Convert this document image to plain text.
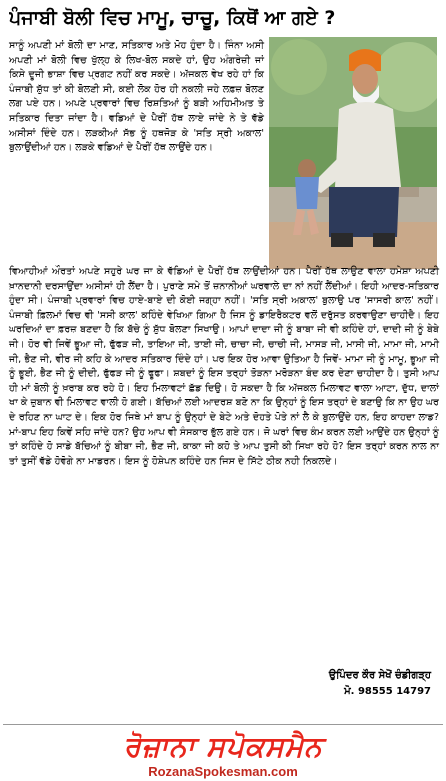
ਪੰਜਾਬੀ ਬੋਲੀ ਵਿਚ ਮਾਮੂ, ਚਾਚੂ, ਕਿਥੋਂ ਆ ਗਏ ?

ਸਾਨੂੰ ਅਪਣੀ ਮਾਂ ਬੋਲੀ ਦਾ ਮਾਣ, ਸਤਿਕਾਰ ਅਤੇ ਮੋਹ ਹੁੰਦਾ ਹੈ। ਜਿੰਨਾ ਅਸੀ ਅਪਣੀ ਮਾਂ ਬੋਲੀ ਵਿਚ ਖੁੱਲ੍ਹ ਕੇ ਲਿਖ-ਬੋਲ ਸਕਦੇ ਹਾਂ, ਉਹ ਅੰਗਰੇਜ਼ੀ ਜਾਂ ਕਿਸੇ ਦੂਜੀ ਭਾਸ਼ਾ ਵਿਚ ਪ੍ਰਗਟ ਨਹੀਂ ਕਰ ਸਕਦੇ। ਅੱਜਕਲ ਵੇਖ ਰਹੇ ਹਾਂ ਕਿ ਪੰਜਾਬੀ ਸ਼ੁੱਧ ਤਾਂ ਕੀ ਬੋਲਣੀ ਸੀ, ਕਈ ਲੋਕ ਹੋਰ ਹੀ ਨਕਲੀ ਜਹੇ ਲਫ਼ਜ਼ ਬੋਲਣ ਲਗ ਪਏ ਹਨ। ਅਪਣੇ ਪ੍ਰਵਾਰਾਂ ਵਿਚ ਰਿਸ਼ਤਿਆਂ ਨੂੰ ਬੜੀ ਅਹਿਮੀਅਤ ਤੇ ਸਤਿਕਾਰ ਦਿਤਾ ਜਾਂਦਾ ਹੈ। ਵਡਿਆਂ ਦੇ ਪੈਰੀਂ ਹੱਥ ਲਾਏ ਜਾਂਦੇ ਨੇ ਤੇ ਵੱਡੇ ਅਸੀਸਾਂ ਦਿੰਦੇ ਹਨ। ਲੜਕੀਆਂ ਸੱਭ ਨੂੰ ਹਥਜੋੜ ਕੇ 'ਸਤਿ ਸ੍ਰੀ ਅਕਾਲ' ਬੁਲਾਉਂਦੀਆਂ ਹਨ। ਲੜਕੇ ਵਡਿਆਂ ਦੇ ਪੈਰੀਂ ਹੱਥ ਲਾਉਂਦੇ ਹਨ।

ਵਿਆਹੀਆਂ ਔਰਤਾਂ ਅਪਣੇ ਸਹੁਰੇ ਘਰ ਜਾ ਕੇ ਵੱਡਿਆਂ ਦੇ ਪੈਰੀਂ ਹੱਥ ਲਾਉਂਦੀਆਂ ਹਨ। ਪੈਰੀਂ ਹੱਥ ਲਾਉਣ ਵਾਲਾ ਹਮੇਸ਼ਾ ਅਪਣੀ ਖ਼ਾਨਦਾਨੀ ਦਰਸਾਉਂਦਾ ਅਸੀਸਾਂ ਹੀ ਲੈਂਦਾ ਹੈ। ਪੁਰਾਣੇ ਸਮੇ ਤੋਂ ਜ਼ਨਾਨੀਆਂ ਘਰਵਾਲੇ ਦਾ ਨਾਂ ਨਹੀਂ ਲੈਂਦੀਆਂ। ਇਹੀ ਆਦਰ-ਸਤਿਕਾਰ ਹੁੰਦਾ ਸੀ। ਪੰਜਾਬੀ ਪ੍ਰਵਾਰਾਂ ਵਿਚ ਹਾਏ-ਬਾਏ ਦੀ ਕੋਈ ਜਗ੍ਹਾ ਨਹੀਂ। 'ਸਤਿ ਸ੍ਰੀ ਅਕਾਲ' ਬੁਲਾਉ ਪਰ 'ਸਾਸਰੀ ਕਾਲ' ਨਹੀਂ। ਪੰਜਾਬੀ ਫ਼ਿਲਮਾਂ ਵਿਚ ਵੀ 'ਸਸੀ ਕਾਲ' ਕਹਿੰਦੇ ਵੇਖਿਆ ਗਿਆ ਹੈ ਜਿਸ ਨੂੰ ਡਾਇਰੈਕਟਰ ਵਲੋਂ ਦਰੁੱਸਤ ਕਰਵਾਉਣਾ ਚਾਹੀਦੈ। ਇਹ ਘਰਦਿਆਂ ਦਾ ਫ਼ਰਜ਼ ਬਣਦਾ ਹੈ ਕਿ ਬੱਚੇ ਨੂੰ ਸ਼ੁੱਧ ਬੋਲਣਾ ਸਿਖਾਉ। ਆਪਾਂ ਦਾਦਾ ਜੀ ਨੂੰ ਬਾਬਾ ਜੀ ਵੀ ਕਹਿੰਦੇ ਹਾਂ, ਦਾਦੀ ਜੀ ਨੂੰ ਬੇਬੇ ਜੀ। ਹੋਰ ਵੀ ਜਿਵੇਂ ਭੂਆ ਜੀ, ਫੁੱਫੜ ਜੀ, ਤਾਇਆ ਜੀ, ਤਾਈ ਜੀ, ਚਾਚਾ ਜੀ, ਚਾਚੀ ਜੀ, ਮਾਸੜ ਜੀ, ਮਾਸੀ ਜੀ, ਮਾਮਾ ਜੀ, ਮਾਮੀ ਜੀ, ਭੈਣ ਜੀ, ਵੀਰ ਜੀ ਕਹਿ ਕੇ ਆਦਰ ਸਤਿਕਾਰ ਦਿੰਦੇ ਹਾਂ। ਪਰ ਇਕ ਹੋਰ ਆਵਾ ਉਤਿਆ ਹੈ ਜਿਵੇਂ- ਮਾਮਾ ਜੀ ਨੂੰ ਮਾਮੂ, ਭੂਆ ਜੀ ਨੂੰ ਭੂਈ, ਭੈਣ ਜੀ ਨੂੰ ਦੀਦੀ, ਫੁੱਫੜ ਜੀ ਨੂੰ ਫੂਫਾ। ਸ਼ਬਦਾਂ ਨੂੰ ਇਸ ਤਰ੍ਹਾਂ ਤੋੜਨਾ ਮਰੋੜਨਾ ਬੰਦ ਕਰ ਦੇਣਾ ਚਾਹੀਦਾ ਹੈ। ਤੁਸੀ ਆਪ ਹੀ ਮਾਂ ਬੋਲੀ ਨੂੰ ਖ਼ਰਾਬ ਕਰ ਰਹੇ ਹੋ। ਇਹ ਮਿਲਾਵਟਾਂ ਛੱਡ ਦਿਉ। ਹੋ ਸਕਦਾ ਹੈ ਕਿ ਅੱਜਕਲ ਮਿਲਾਵਟ ਵਾਲਾ ਆਟਾ, ਦੁੱਧ, ਦਾਲਾਂ ਖਾ ਕੇ ਜ਼ੁਬਾਨ ਵੀ ਮਿਲਾਵਟ ਵਾਲੀ ਹੋ ਗਈ। ਬੱਚਿਆਂ ਲਈ ਆਦਰਸ਼ ਬਣੋ ਨਾ ਕਿ ਉਨ੍ਹਾਂ ਨੂੰ ਇਸ ਤਰ੍ਹਾਂ ਦੇ ਬਣਾਉ ਕਿ ਨਾ ਉਹ ਘਰ ਦੇ ਰਹਿਣ ਨਾ ਘਾਟ ਦੇ। ਇਕ ਹੋਰ ਜਿਥੇ ਮਾਂ ਬਾਪ ਨੂੰ ਉਨ੍ਹਾਂ ਦੇ ਬੇਟੇ ਅਤੇ ਦੋਹਤੇ ਪੋਤੇ ਨਾਂ ਲੈ ਕੇ ਬੁਲਾਉਂਦੇ ਹਨ, ਇਹ ਕਾਹਦਾ ਲਾਡ? ਮਾਂ-ਬਾਪ ਇਹ ਕਿਵੇਂ ਸਹਿ ਜਾਂਦੇ ਹਨ? ਉਹ ਆਪ ਵੀ ਸੰਸਕਾਰ ਭੁੱਲ ਗਏ ਹਨ। ਜੋ ਘਰਾਂ ਵਿਚ ਕੰਮ ਕਰਨ ਲਈ ਆਉਂਦੇ ਹਨ ਉਨ੍ਹਾਂ ਨੂੰ ਤਾਂ ਕਹਿੰਦੇ ਹੋ ਸਾਡੇ ਬੱਚਿਆਂ ਨੂੰ ਬੀਬਾ ਜੀ, ਭੈਣ ਜੀ, ਕਾਕਾ ਜੀ ਕਹੋ ਤੇ ਆਪ ਤੁਸੀ ਕੀ ਸਿਖਾ ਰਹੇ ਹੋ? ਇਸ ਤਰ੍ਹਾਂ ਕਰਨ ਨਾਲ ਨਾ ਤਾਂ ਤੁਸੀਂ ਵੱਡੇ ਹੋਵੋਗੇ ਨਾ ਮਾਡਰਨ। ਇਸ ਨੂੰ ਹੋਸ਼ੇਪਨ ਕਹਿੰਦੇ ਹਨ ਜਿਸ ਦੇ ਸਿੱਟੇ ਠੀਕ ਨਹੀ ਨਿਕਲਦੇ।

ਉਪਿੰਦਰ ਕੌਰ ਸੇਖੋਂ ਚੰਡੀਗੜ੍ਹ
ਮੋ. 98555 14797
ਰੋਜ਼ਾਨਾ ਸਪੋਕਸਮੈਨ
RozanaSpokesman.com
